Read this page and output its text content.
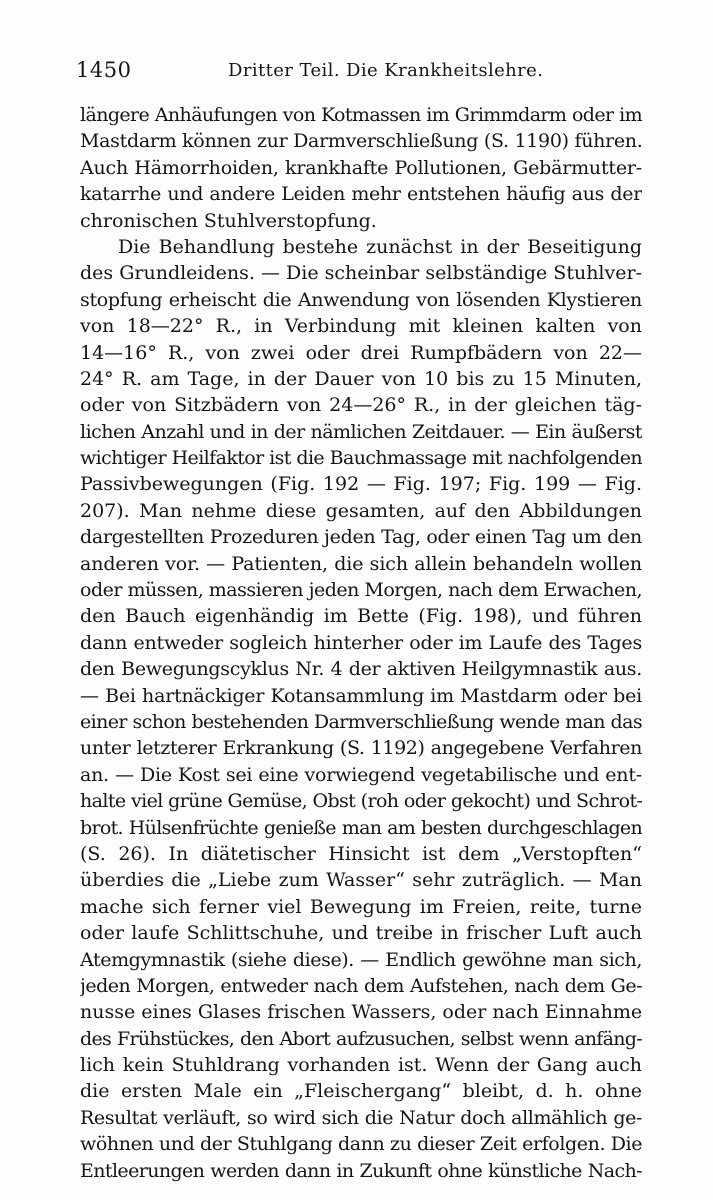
1450	Dritter Teil. Die Krankheitslehre.
längere Anhäufungen von Kotmassen im Grimmdarm oder im
Mastdarm können zur Darmverschließung (S. 1190) führen.
Auch Hämorrhoiden, krankhafte Pollutionen, Gebärmutter-
katarrhe und andere Leiden mehr entstehen häufig aus der
chronischen Stuhlverstopfung.
Die Behandlung bestehe zunächst in der Beseitigung
des Grundleidens. — Die scheinbar selbständige Stuhlver-
stopfung erheischt die Anwendung von lösenden Klystieren
von 18—22° R., in Verbindung mit kleinen kalten von
14—16° R., von zwei oder drei Rumpfbädern von 22—
24° R. am Tage, in der Dauer von 10 bis zu 15 Minuten,
oder von Sitzbädern von 24—26° R., in der gleichen täg-
lichen Anzahl und in der nämlichen Zeitdauer. — Ein äußerst
wichtiger Heilfaktor ist die Bauchmassage mit nachfolgenden
Passivbewegungen (Fig. 192 — Fig. 197; Fig. 199 — Fig.
207). Man nehme diese gesamten, auf den Abbildungen
dargestellten Prozeduren jeden Tag, oder einen Tag um den
anderen vor. — Patienten, die sich allein behandeln wollen
oder müssen, massieren jeden Morgen, nach dem Erwachen,
den Bauch eigenhändig im Bette (Fig. 198), und führen
dann entweder sogleich hinterher oder im Laufe des Tages
den Bewegungscyklus Nr. 4 der aktiven Heilgymnastik aus.
— Bei hartnäckiger Kotansammlung im Mastdarm oder bei
einer schon bestehenden Darmverschließung wende man das
unter letzterer Erkrankung (S. 1192) angegebene Verfahren
an. — Die Kost sei eine vorwiegend vegetabilische und ent-
halte viel grüne Gemüse, Obst (roh oder gekocht) und Schrot-
brot. Hülsenfrüchte genieße man am besten durchgeschlagen
(S. 26). In diätetischer Hinsicht ist dem „Verstopften“
überdies die „Liebe zum Wasser“ sehr zuträglich. — Man
mache sich ferner viel Bewegung im Freien, reite, turne
oder laufe Schlittschuhe, und treibe in frischer Luft auch
Atemgymnastik (siehe diese). — Endlich gewöhne man sich,
jeden Morgen, entweder nach dem Aufstehen, nach dem Ge-
nusse eines Glases frischen Wassers, oder nach Einnahme
des Frühstückes, den Abort aufzusuchen, selbst wenn anfäng-
lich kein Stuhldrang vorhanden ist. Wenn der Gang auch
die ersten Male ein „Fleischergang“ bleibt, d. h. ohne
Resultat verläuft, so wird sich die Natur doch allmählich ge-
wöhnen und der Stuhlgang dann zu dieser Zeit erfolgen. Die
Entleerungen werden dann in Zukunft ohne künstliche Nach-
